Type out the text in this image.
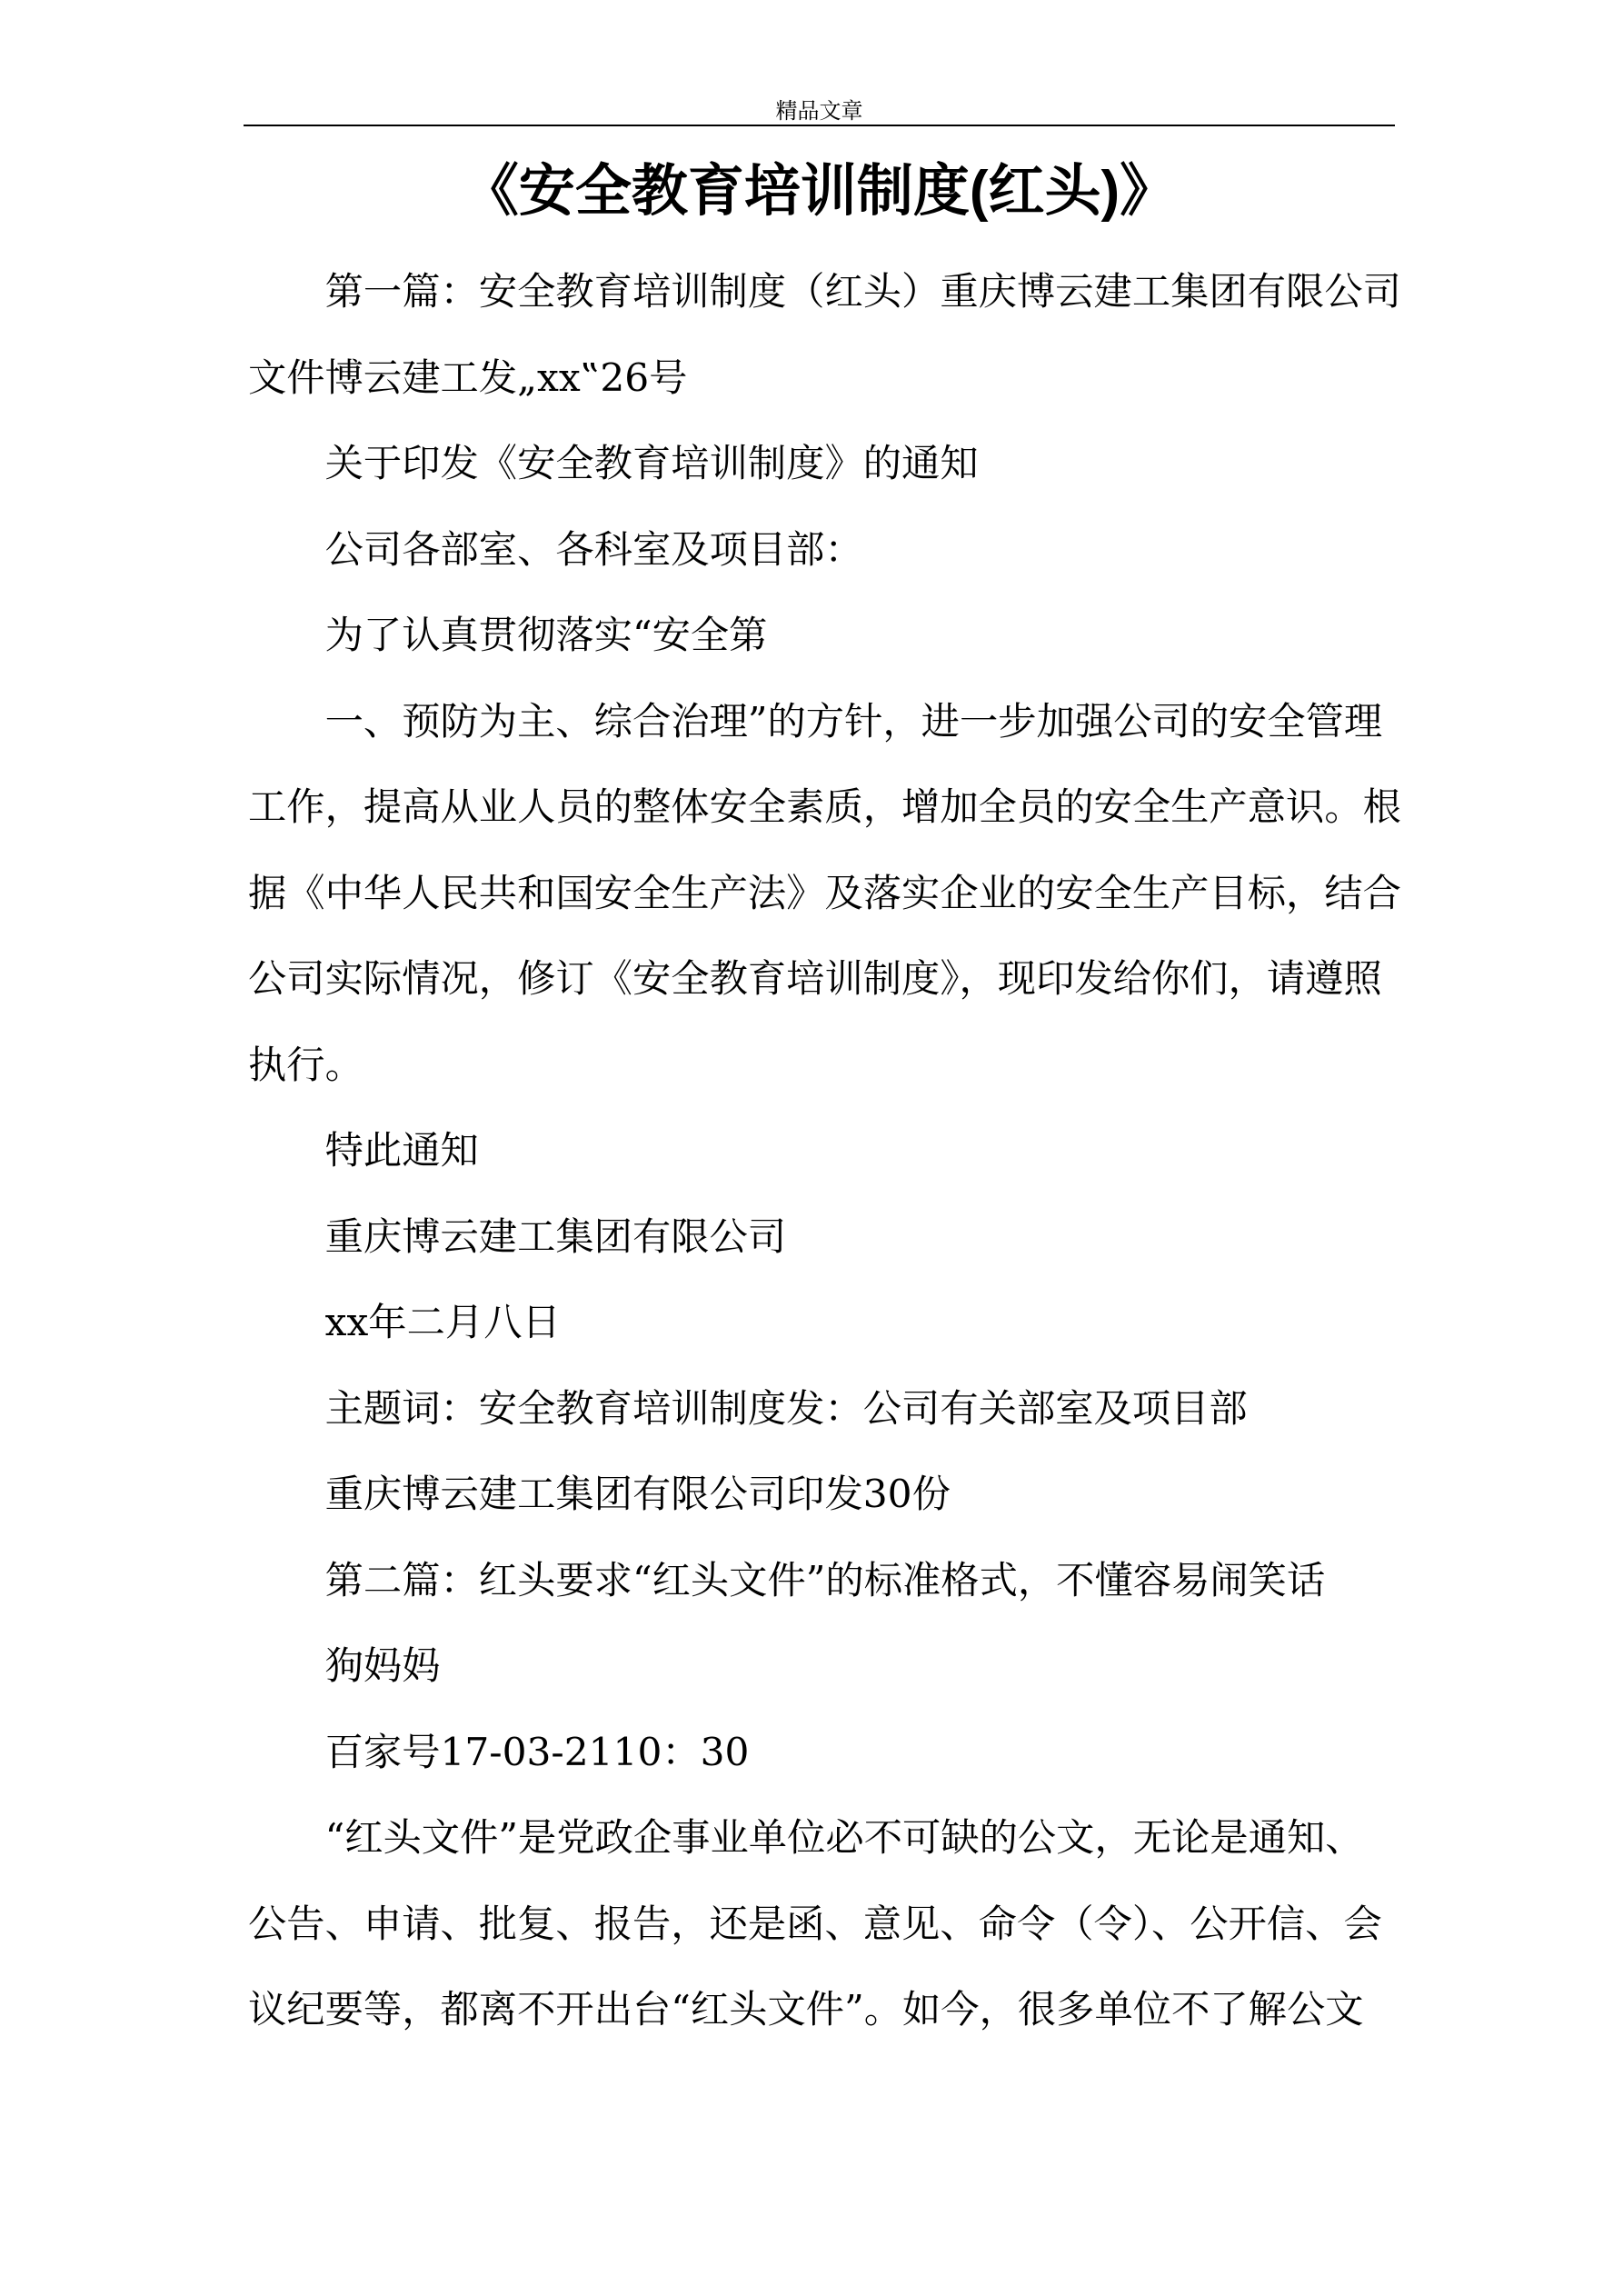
精品文章
《安全教育培训制度(红头)》
第一篇：安全教育培训制度（红头）重庆博云建工集团有限公司
文件博云建工发„xx‟26号
关于印发《安全教育培训制度》的通知
公司各部室、各科室及项目部：
为了认真贯彻落实“安全第
一、预防为主、综合治理”的方针，进一步加强公司的安全管理
工作，提高从业人员的整体安全素质，增加全员的安全生产意识。根
据《中华人民共和国安全生产法》及落实企业的安全生产目标，结合
公司实际情况，修订《安全教育培训制度》，现印发给你们，请遵照
执行。
特此通知
重庆博云建工集团有限公司
xx年二月八日
主题词：安全教育培训制度发：公司有关部室及项目部
重庆博云建工集团有限公司印发30份
第二篇：红头要求“红头文件”的标准格式，不懂容易闹笑话
狗妈妈
百家号17-03-2110：30
“红头文件”是党政企事业单位必不可缺的公文，无论是通知、
公告、申请、批复、报告，还是函、意见、命令（令）、公开信、会
议纪要等，都离不开出台“红头文件”。如今，很多单位不了解公文
